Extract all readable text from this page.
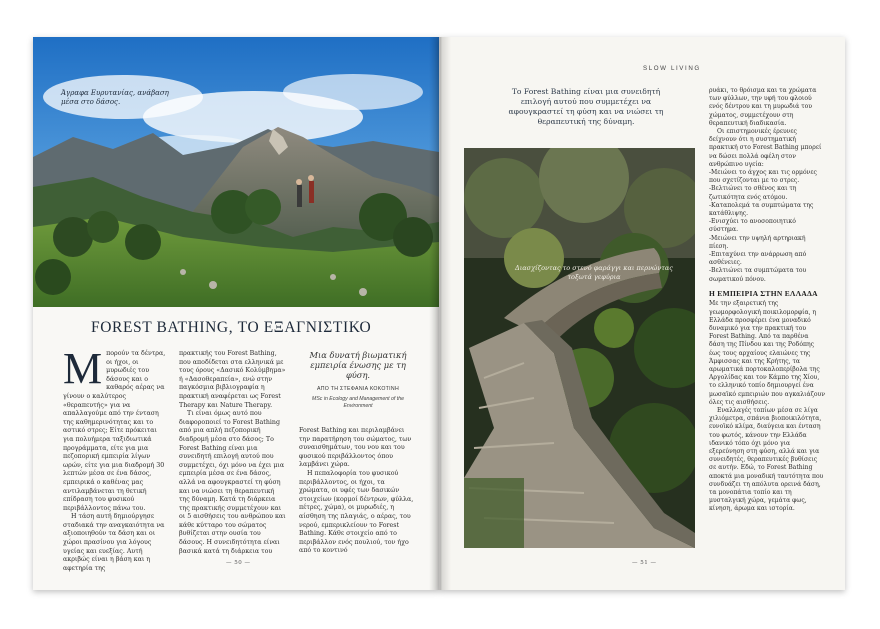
Άγραφα Ευρυτανίας, ανάβαση μέσα στο δάσος.
FOREST BATHING, ΤΟ ΕΞΑΓΝΙΣΤΙΚΟ
Μ πορούν τα δέντρα, οι ήχοι, οι μυρωδιές του δάσους και ο καθαρός αέρας να γίνουν ο καλύτερος «θεραπευτής» για να απαλλαγούμε από την ένταση της καθημερινότητας και το αστικό στρες; Είτε πρόκειται για πολυήμερα ταξιδιωτικά προγράμματα, είτε για μια πεζοπορική εμπειρία λίγων ωρών, είτε για μια διαδρομή 30 λεπτών μέσα σε ένα δάσος, εμπειρικά ο καθένας μας αντιλαμβάνεται τη θετική επίδραση του φυσικού περιβάλλοντος πάνω του.
Η τάση αυτή δημιούργησε σταδιακά την αναγκαιότητα να αξιοποιηθούν τα δάση και οι χώροι πρασίνου για λόγους υγείας και ευεξίας. Αυτή ακριβώς είναι η βάση και η αφετηρία της
πρακτικής του Forest Bathing, που αποδίδεται στα ελληνικά με τους όρους «Δασικό Κολύμβημα» ή «Δασοθεραπεία», ενώ στην παγκόσμια βιβλιογραφία η πρακτική αναφέρεται ως Forest Therapy και Nature Therapy.
Τι είναι όμως αυτό που διαφοροποιεί το Forest Bathing από μια απλή πεζοπορική διαδρομή μέσα στο δάσος; Το Forest Bathing είναι μια συνειδητή επιλογή αυτού που συμμετέχει, όχι μόνο να έχει μια εμπειρία μέσα σε ένα δάσος, αλλά να αφουγκραστεί τη φύση και να νιώσει τη θεραπευτική της δύναμη. Κατά τη διάρκεια της πρακτικής συμμετέχουν και οι 5 αισθήσεις του ανθρώπου και κάθε κύτταρο του σώματος βυθίζεται στην ουσία του δάσους. Η συνειδητότητα είναι βασικά κατά τη διάρκεια του
Μια δυνατή βιωματική εμπειρία ένωσης με τη φύση.
ΑΠΟ ΤΗ ΣΤΕΦΑΝΙΑ ΚΟΚΟΤΙΝΗ
MSc in Ecology and Management of the Environment
Forest Bathing και περιλαμβάνει την παρατήρηση του σώματος, των συναισθημάτων, του νου και του φυσικού περιβάλλοντος όπου λαμβάνει χώρα.
Η πεπαλοφορία του φυσικού περιβάλλοντος, οι ήχοι, τα χρώματα, οι υφές των δασικών στοιχείων (κορμοί δέντρων, φύλλα, πέτρες, χώμα), οι μυρωδιές, η αίσθηση της πλαγιάς, ο αέρας, του νερού, εμπερικλείουν το Forest Bathing. Κάθε στοιχείο από το περιβάλλον ενός πουλιού, τον ήχο από το κοντινό
— 50 —
SLOW LIVING
Το Forest Bathing είναι μια συνειδητή επιλογή αυτού που συμμετέχει να αφουγκραστεί τη φύση και να νιώσει τη θεραπευτική της δύναμη.
Διασχίζοντας το στενό φαράγγι και περνώντας τοξωτά γεφύρια
ρυάκι, το θρόισμα και τα χρώματα των φύλλων, την υφή του φλοιού ενός δέντρου και τη μυρωδιά του χώματος, συμμετέχουν στη θεραπευτική διαδικασία.
Οι επιστημονικές έρευνες δείχνουν ότι η συστηματική πρακτική στο Forest Bathing μπορεί να δώσει πολλά οφέλη στον ανθρώπινο υγεία:
-Μειώνει το άγχος και τις ορμόνες που σχετίζονται με το στρες.
-Βελτιώνει το σθένος και τη ζωτικότητα ενός ατόμου.
-Καταπολεμά τα συμπτώματα της κατάθλιψης.
-Ενισχύει το ανοσοποιητικό σύστημα.
-Μειώνει την υψηλή αρτηριακή πίεση.
-Επιταχύνει την ανάρρωση από ασθένειες.
-Βελτιώνει τα συμπτώματα του σωματικού πόνου.
Η ΕΜΠΕΙΡΙΑ ΣΤΗΝ ΕΛΛΑΔΑ
Με την εξαιρετική της γεωμορφολογική ποικιλομορφία, η Ελλάδα προσφέρει ένα μοναδικό δυναμικό για την πρακτική του Forest Bathing. Από τα παρθένα δάση της Πίνδου και της Ροδόπης έως τους αρχαίους ελαιώνες της Άμφισσας και της Κρήτης, τα αρωματικά πορτοκαλοπερίβολα της Αργολίδας και τον Κάμπο της Χίου, το ελληνικό τοπίο δημιουργεί ένα μωσαϊκό εμπειριών που αγκαλιάζουν όλες τις αισθήσεις.
Εναλλαγές τοπίων μέσα σε λίγα χιλιόμετρα, σπάνια βιοποικιλότητα, ευνοϊκό κλίμα, διαύγεια και ένταση του φωτός, κάνουν την Ελλάδα ιδανικό τόπο όχι μόνο για εξερεύνηση στη φύση, αλλά και για συνειδητές, θεραπευτικές βυθίσεις σε αυτήν. Εδώ, το Forest Bathing αποκτά μια μοναδική ταυτότητα που συνδυάζει τη απόλυτα ορεινά δάση, τα μονοπάτια τοπίο και τη μυσταλγική χώρα, γεμάτα φως, κίνηση, άρωμα και ιστορία.
— 51 —
